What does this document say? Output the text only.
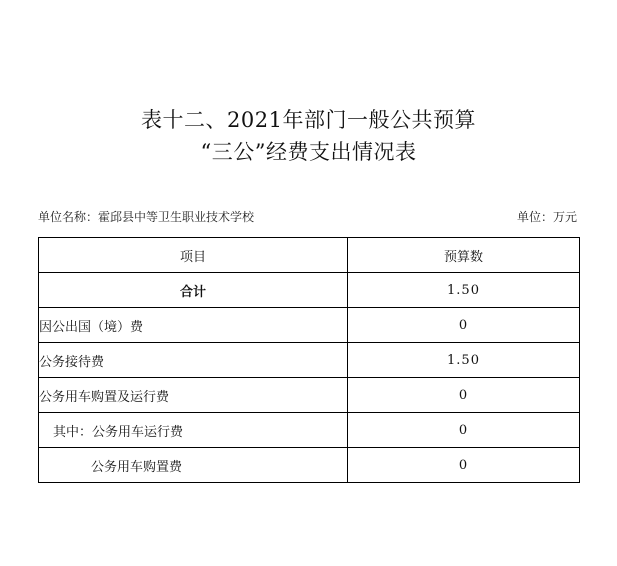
表十二、2021年部门一般公共预算
“三公”经费支出情况表
单位名称：霍邱县中等卫生职业技术学校	单位：万元
项目	预算数
合计	1.50
因公出国（境）费	0
公务接待费	1.50
公务用车购置及运行费	0
其中：公务用车运行费	0
公务用车购置费	0
